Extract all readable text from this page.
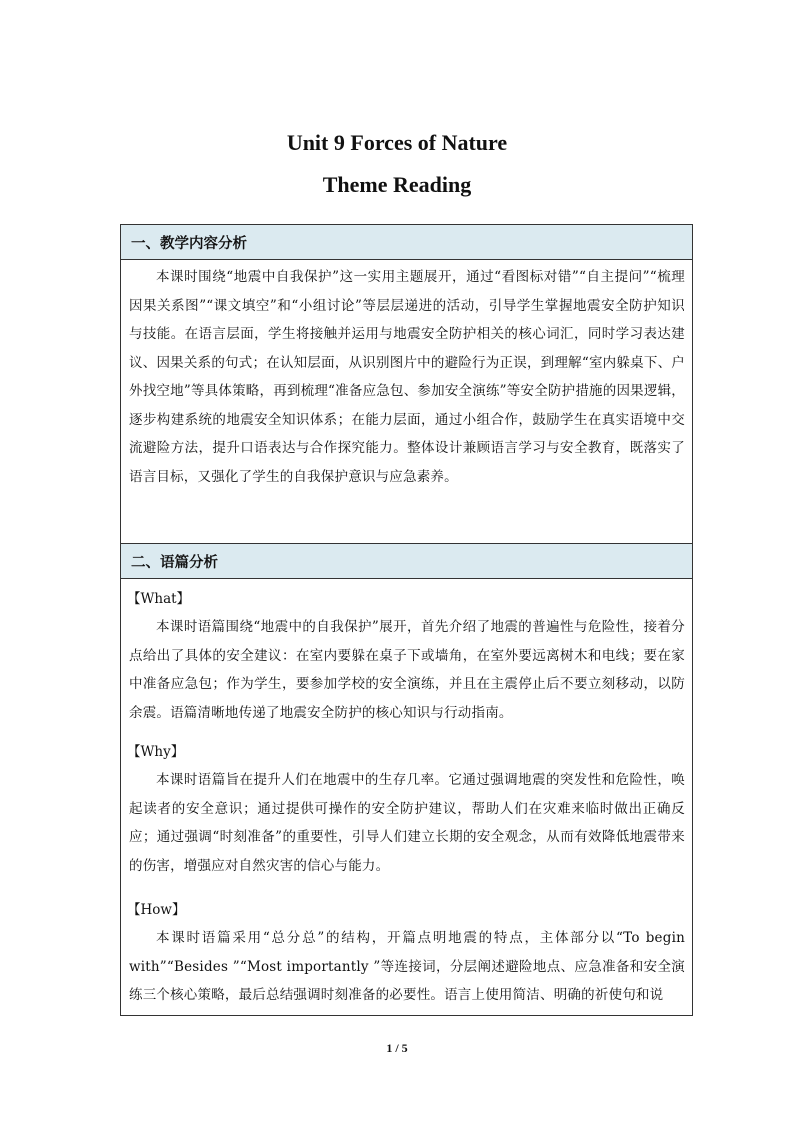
Unit 9 Forces of Nature
Theme Reading
一、教学内容分析

本课时围绕“地震中自我保护”这一实用主题展开，通过“看图标对错”“自主提问”“梳理因果关系图”“课文填空”和“小组讨论”等层层递进的活动，引导学生掌握地震安全防护知识与技能。在语言层面，学生将接触并运用与地震安全防护相关的核心词汇，同时学习表达建议、因果关系的句式；在认知层面，从识别图片中的避险行为正误，到理解“室内躲桌下、户外找空地”等具体策略，再到梳理“准备应急包、参加安全演练”等安全防护措施的因果逻辑，逐步构建系统的地震安全知识体系；在能力层面，通过小组合作，鼓励学生在真实语境中交流避险方法，提升口语表达与合作探究能力。整体设计兼顾语言学习与安全教育，既落实了语言目标，又强化了学生的自我保护意识与应急素养。

二、语篇分析

【What】

本课时语篇围绕“地震中的自我保护”展开，首先介绍了地震的普遍性与危险性，接着分点给出了具体的安全建议：在室内要躲在桌子下或墙角，在室外要远离树木和电线；要在家中准备应急包；作为学生，要参加学校的安全演练，并且在主震停止后不要立刻移动，以防余震。语篇清晰地传递了地震安全防护的核心知识与行动指南。

【Why】

本课时语篇旨在提升人们在地震中的生存几率。它通过强调地震的突发性和危险性，唤起读者的安全意识；通过提供可操作的安全防护建议，帮助人们在灾难来临时做出正确反应；通过强调“时刻准备”的重要性，引导人们建立长期的安全观念，从而有效降低地震带来的伤害，增强应对自然灾害的信心与能力。

【How】

本课时语篇采用“总分总”的结构，开篇点明地震的特点，主体部分以“To begin with”“Besides ”“Most importantly ”等连接词，分层阐述避险地点、应急准备和安全演练三个核心策略，最后总结强调时刻准备的必要性。语言上使用简洁、明确的祈使句和说

1 / 5
